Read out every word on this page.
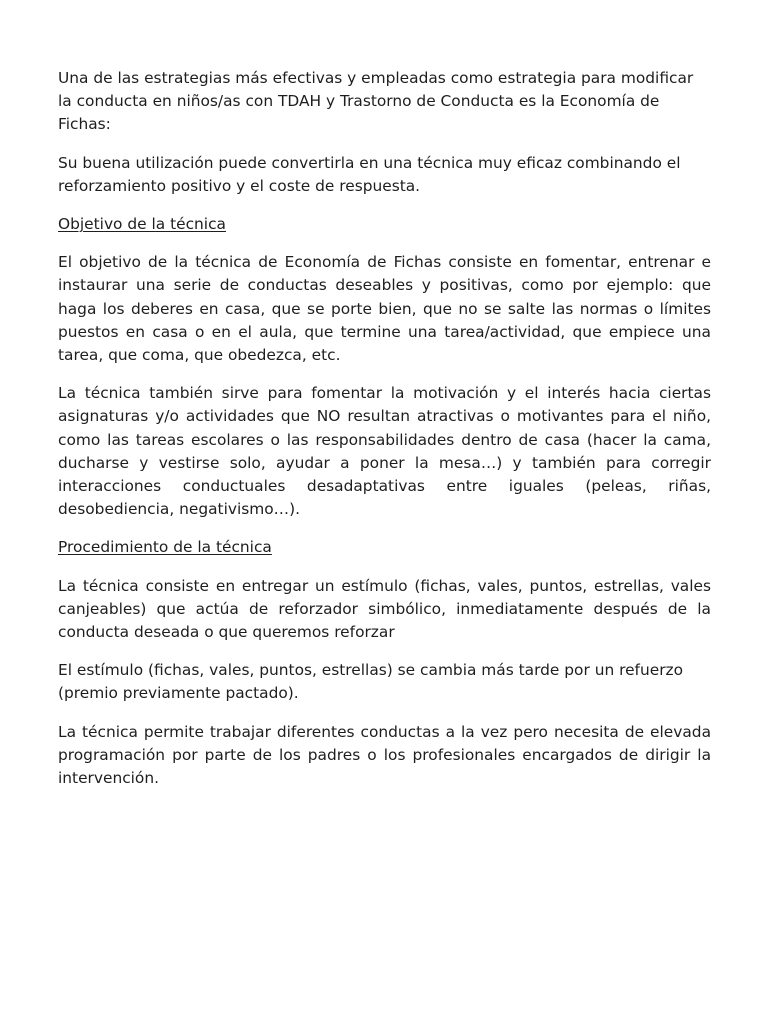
Una de las estrategias más efectivas y empleadas como estrategia para modificar la conducta en niños/as con TDAH y Trastorno de Conducta es la Economía de Fichas:

Su buena utilización puede convertirla en una técnica muy eficaz combinando el reforzamiento positivo y el coste de respuesta.

Objetivo de la técnica

El objetivo de la técnica de Economía de Fichas consiste en fomentar, entrenar e instaurar una serie de conductas deseables y positivas, como por ejemplo: que haga los deberes en casa, que se porte bien, que no se salte las normas o límites puestos en casa o en el aula, que termine una tarea/actividad, que empiece una tarea, que coma, que obedezca, etc.

La técnica también sirve para fomentar la motivación y el interés hacia ciertas asignaturas y/o actividades que NO resultan atractivas o motivantes para el niño, como las tareas escolares o las responsabilidades dentro de casa (hacer la cama, ducharse y vestirse solo, ayudar a poner la mesa…) y también para corregir interacciones conductuales desadaptativas entre iguales (peleas, riñas, desobediencia, negativismo…).

Procedimiento de la técnica

La técnica consiste en entregar un estímulo (fichas, vales, puntos, estrellas, vales canjeables) que actúa de reforzador simbólico, inmediatamente después de la conducta deseada o que queremos reforzar

El estímulo (fichas, vales, puntos, estrellas) se cambia más tarde por un refuerzo (premio previamente pactado).

La técnica permite trabajar diferentes conductas a la vez pero necesita de elevada programación por parte de los padres o los profesionales encargados de dirigir la intervención.
